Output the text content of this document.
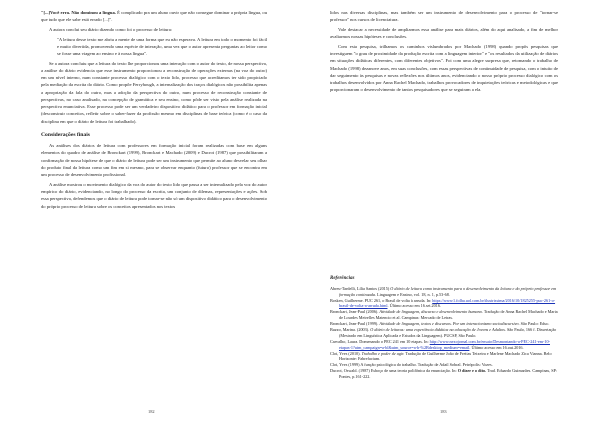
"[...]Você erra. Não dominou a língua. É complicado pra um aluno ouvir que não consegue dominar a própria língua, ou que tudo que ele sabe está errado [...]".

A autora conclui seu diário dizendo como foi o processo de leitura:

"A leitura desse texto me abriu a mente de uma forma que eu não esperava. A leitura em todo o momento foi fácil e muito divertida, promovendo uma espécie de interação, uma vez que o autor apresenta perguntas ao leitor como se fosse uma viagem ao ensino e à nossa língua".

Se a autora concluiu que a leitura do texto lhe proporcionou uma interação com o autor do texto, de nossa perspectiva, a análise do diário evidencia que esse instrumento proporcionou a reconstrução de operações externas (na voz do outro) em um nível interno, num constante processo dialógico com o texto lido, processo que acreditamos ter sido propiciado pela mediação da escrita do diário. Como propõe Ferryhough, a internalização dos traços dialógicos não possibilita apenas a apropriação da fala do outro, mas a adoção da perspectiva do outro, num processo de reconstrução constante de perspectivas, no caso analisado, na concepção de gramática e seu ensino, como pôde ser visto pela análise realizada na perspectiva enunciativa. Esse processo pode ser um verdadeiro dispositivo didático para o professor em formação inicial (desconstruir conceitos, refletir sobre o saber-fazer da profissão mesmo em disciplinas de base teórica (como é o caso da disciplina em que o diário de leitura foi trabalhado).

Considerações finais

As análises dos diários de leitura com professores em formação inicial foram realizadas com base em alguns elementos do quadro de análise de Bronckart (1999), Bronckart e Machado (2009) e Ducrot (1987) que possibilitaram a confirmação de nossa hipótese de que o diário de leitura pode ser um instrumento que permite ao aluno desvelar seu olhar do produto final da leitura como um fim em si mesmo, para se observar enquanto (futuro) professor que se encontra em um processo de desenvolvimento profissional.

A análise mostrou o movimento dialógico da voz do autor do texto lido que passa a ser internalizado pela voz do autor empírico do diário, evidenciando, no longo do processo da escrita, um conjunto de dilemas, representações e ações. Sob essa perspectiva, defendemos que o diário de leitura pode tornar-se não só um dispositivo didático para o desenvolvimento do próprio processo de leitura sobre os conceitos apresentados nos textos

182

lidos nas diversas disciplinas, mas também ser um instrumento de desenvolvimento para o processo de "tornar-se professor" nos cursos de licenciatura.

Vale destacar a necessidade de ampliarmos essa análise para mais diários, além do aqui analisado, a fim de melhor avaliarmos nossas hipóteses e conclusões.

Com esta pesquisa, trilhamos os caminhos vislumbrados por Machado (1998) quando propôs pesquisas que investiguem "o grau de proximidade da produção escrita com a linguagem interior" e "os resultados da utilização de diários em situações didáticas diferentes, com diferentes objetivos". Foi com uma alegre surpresa que, retomando o trabalho de Machado (1998) dezanove anos, em suas conclusões, com essas perspectivas de continuidade de pesquisa, com o intuito de dar seguimento às pesquisas e novas reflexões nos últimos anos, evidenciando o nosso próprio processo dialógico com os trabalhos desenvolvidos por Anna Rachel Machado, trabalhos provocadores de inquietações teóricas e metodológicas e que proporcionaram o desenvolvimento de tantos pesquisadores que se seguiram a ela.

Referências
Abreu-Tardelli, Lília Santos (2015) O diário de leitura como instrumento para o desenvolvimento da leitura e do próprio professor em formação continuada. Linguagem e Ensino, vol. 18, n. 1, p.53-68.
Bosken, Guilherme. PUC 261, o Brasil de volta à arruda. In: https://www1.folha.uol.com.br/ilustrissima/2016/10/1825255-puc-261-o-brasil-de-volta-a-arruda.html. Último acesso em 16.set.2016.
Bronckart, Jean-Paul (2006). Atividade de linguagem, discurso e desenvolvimento humano. Tradução de Anna Rachel Machado e Maria de Lourdes Meirelles Matencio et al. Campinas: Mercado de Letras.
Bronckart, Jean-Paul (1999). Atividade de linguagem, textos e discursos. Por um interacionismo sociodiscursivo. São Paulo: Educ.
Buzzo, Marina. (2003). O diário de leituras: uma experiência didática na educação de Jovens e Adultos. São Paulo, 166 f. Dissertação (Mestrado em Linguística Aplicada e Estudos da Linguagem). PUCSP, São Paulo.
Carvalho, Laura. Domenando o PEC 241 em 10 etapas. In: http://www.nexojornal.com.br/ensaio/Desmontando-a-PEC-241-em-10-etapas-1?utm_campaign=a-bl&utm_source=a-b-%2Bdesktop_medium=email. Último acesso em 16.out.2016.
Clot, Yves (2010). Trabalho e poder de agir. Tradução de Guilherme João de Freitas Teixeira e Marlene Machado Zica Vianna. Belo Horizonte: Fabrefactum.
Clot, Yves (1999) A função psicológica do trabalho. Tradução de Adail Sobral. Petrópolis: Vozes.
Ducrot, Oswald. (1987) Esboço de uma teoria polifônica da enunciação. In: O dizer e o dito. Trad. Eduardo Guimarães. Campinas, SP: Pontes, p.161-222.
183
